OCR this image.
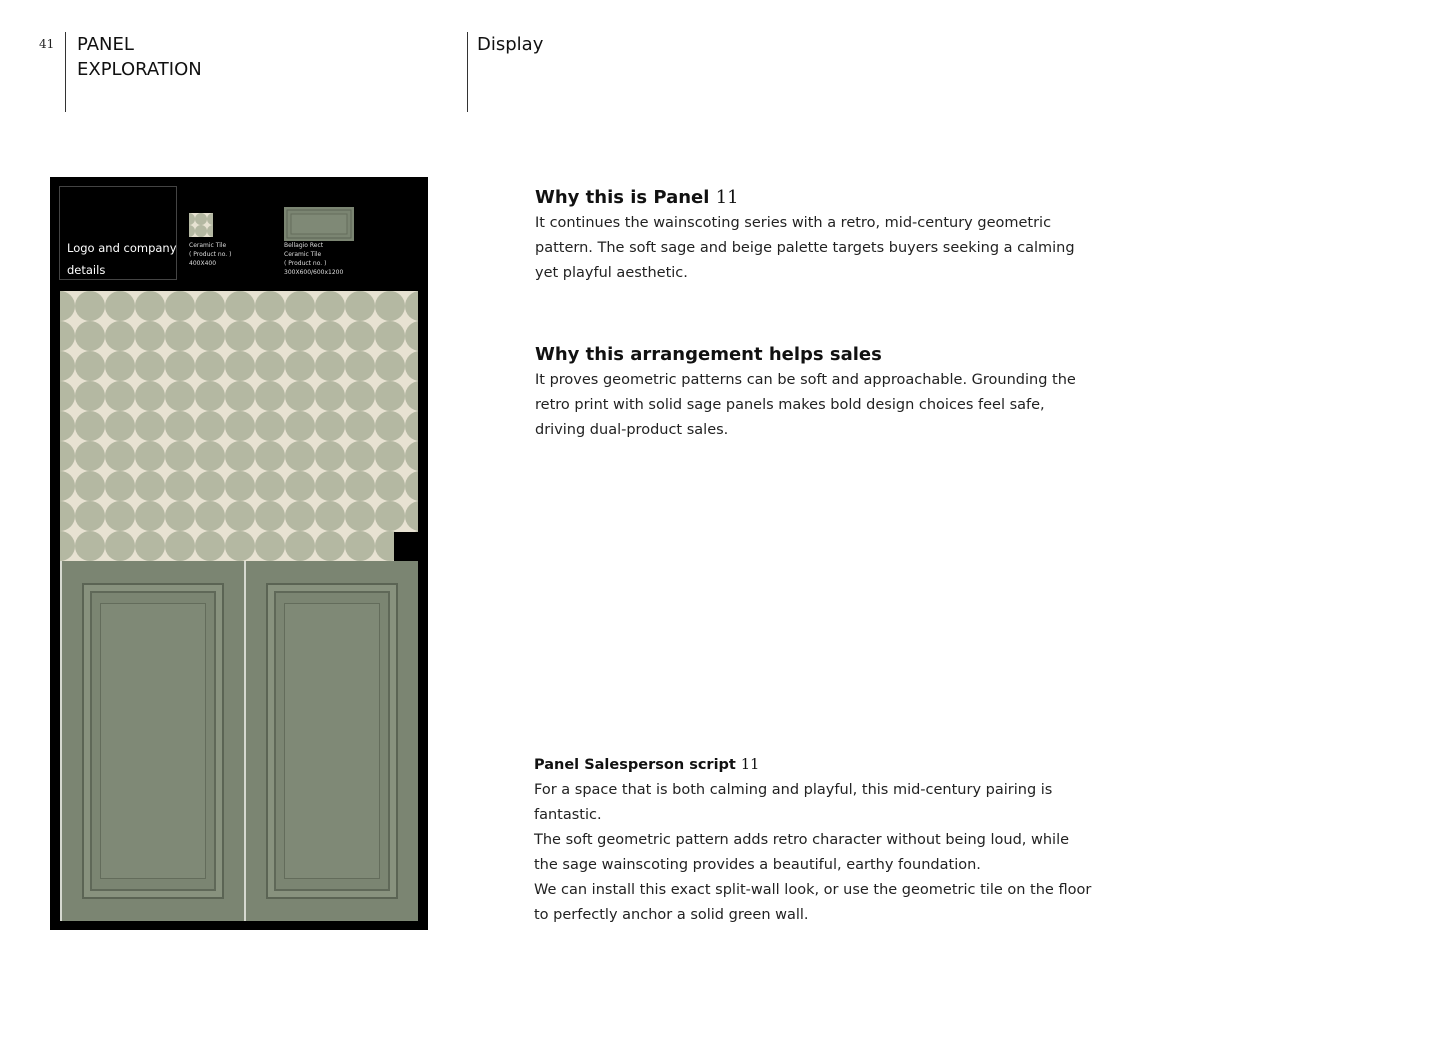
41 PANEL
EXPLORATION
Display
Logo and company details
Ceramic Tile
( Product no. )
400X400
Bellagio Rect
Ceramic Tile
( Product no. )
300X600/600x1200
Why this is Panel 11

It continues the wainscoting series with a retro, mid-century geometric pattern. The soft sage and beige palette targets buyers seeking a calming yet playful aesthetic.

Why this arrangement helps sales

It proves geometric patterns can be soft and approachable. Grounding the retro print with solid sage panels makes bold design choices feel safe, driving dual-product sales.

Panel Salesperson script 11

For a space that is both calming and playful, this mid-century pairing is fantastic.

The soft geometric pattern adds retro character without being loud, while the sage wainscoting provides a beautiful, earthy foundation.

We can install this exact split-wall look, or use the geometric tile on the floor to perfectly anchor a solid green wall.
